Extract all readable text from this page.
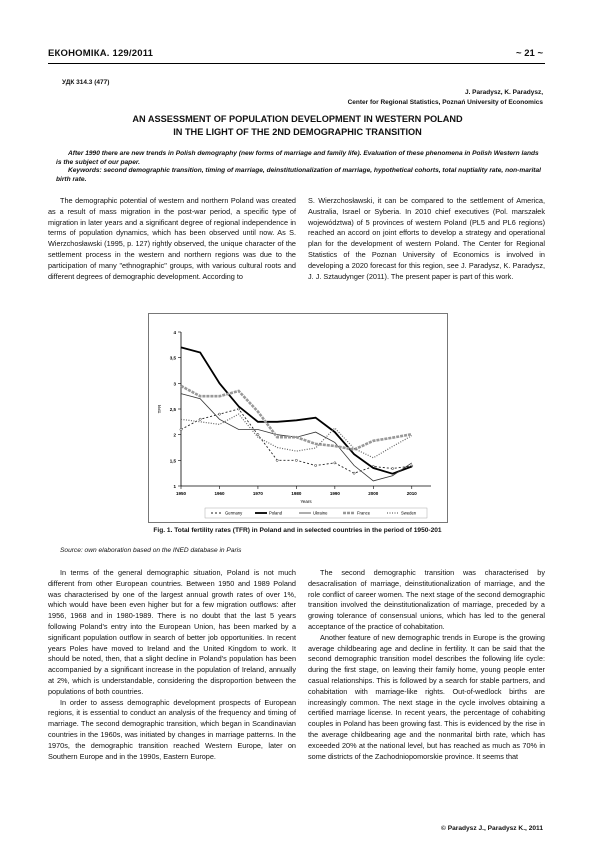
ЕКОНОМІКА. 129/2011	~ 21 ~
УДК 314.3 (477)
J. Paradysz, K. Paradysz,
Center for Regional Statistics, Poznań University of Economics
AN ASSESSMENT OF POPULATION DEVELOPMENT IN WESTERN POLAND
IN THE LIGHT OF THE 2ND DEMOGRAPHIC TRANSITION
After 1990 there are new trends in Polish demography (new forms of marriage and family life). Evaluation of these phenomena in Polish Western lands is the subject of our paper.
Keywords: second demographic transition, timing of marriage, deinstitutionalization of marriage, hypothetical cohorts, total nuptiality rate, non-marital birth rate.

The demographic potential of western and northern Poland was created as a result of mass migration in the post-war period, a specific type of migration in later years and a significant degree of regional independence in terms of population dynamics, which has been observed until now. As S. Wierzchosławski (1995, p. 127) rightly observed, the unique character of the settlement process in the western and northern regions was due to the participation of many "ethnographic" groups, with various cultural roots and different degrees of demographic development. According to

S. Wierzchosławski, it can be compared to the settlement of America, Australia, Israel or Syberia. In 2010 chief executives (Pol. marszałek województwa) of 5 provinces of western Poland (PL5 and PL6 regions) reached an accord on joint efforts to develop a strategy and operational plan for the development of western Poland. The Center for Regional Statistics of the Poznan University of Economics is involved in developing a 2020 forecast for this region, see J. Paradysz, K. Paradysz, J. J. Sztaudynger (2011). The present paper is part of this work.

1
1,5
2
2,5
3
3,5
4
1950	1960	1970	1980	1990	2000	2010
TFR
Years
Germany	Poland	Ukraine	France	Sweden
Fig. 1. Total fertility rates (TFR) in Poland and in selected countries in the period of 1950-201
Source: own elaboration based on the INED database in Paris

In terms of the general demographic situation, Poland is not much different from other European countries. Between 1950 and 1989 Poland was characterised by one of the largest annual growth rates of over 1%, which would have been even higher but for a few migration outflows: after 1956, 1968 and in 1980-1989. There is no doubt that the last 5 years following Poland's entry into the European Union, has been marked by a significant population outflow in search of better job opportunities. In recent years Poles have moved to Ireland and the United Kingdom to work. It should be noted, then, that a slight decline in Poland's population has been accompanied by a significant increase in the population of Ireland, annually at 2%, which is understandable, considering the disproportion between the populations of both countries.

In order to assess demographic development prospects of European regions, it is essential to conduct an analysis of the frequency and timing of marriage. The second demographic transition, which began in Scandinavian countries in the 1960s, was initiated by changes in marriage patterns. In the 1970s, the demographic transition reached Western Europe, later on Southern Europe and in the 1990s, Eastern Europe.

The second demographic transition was characterised by desacralisation of marriage, deinstitutionalization of marriage, and the role conflict of career women. The next stage of the second demographic transition involved the deinstitutionalization of marriage, preceded by a growing tolerance of consensual unions, which has led to the general acceptance of the practice of cohabitation.

Another feature of new demographic trends in Europe is the growing average childbearing age and decline in fertility. It can be said that the second demographic transition model describes the following life cycle: during the first stage, on leaving their family home, young people enter casual relationships. This is followed by a search for stable partners, and cohabitation with marriage-like rights. Out-of-wedlock births are increasingly common. The next stage in the cycle involves obtaining a certified marriage license. In recent years, the percentage of cohabiting couples in Poland has been growing fast. This is evidenced by the rise in the average childbearing age and the nonmarital birth rate, which has exceeded 20% at the national level, but has reached as much as 70% in some districts of the Zachodniopomorskie province. It seems that

© Paradysz J., Paradysz K., 2011
